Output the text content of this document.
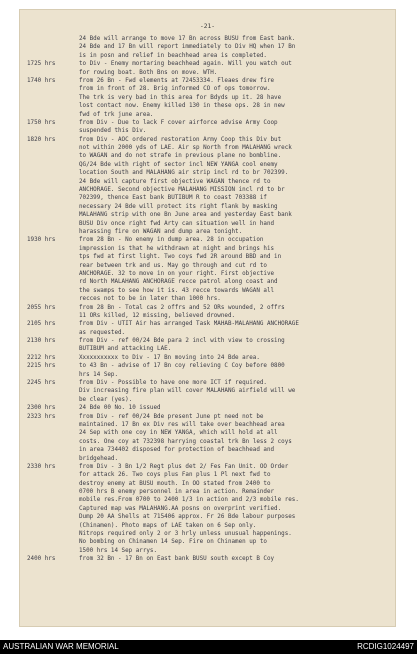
-21-
24 Bde will arrange to move 17 Bn across BUSU from East bank.
24 Bde and 17 Bn will report immediately to Div HQ when 17 Bn
is in posn and relief in beachhead area is completed.
1725 hrs	to Div - Enemy mortaring beachhead again. Will you watch out
for rowing boat. Both Bns on move. WTH.
1740 hrs	from 26 Bn - Fwd elements at 72453334. Fleaes drew fire
from in front of 28. Brig informed CO of ops tomorrow.
The trk is very bad in this area for Bdyds up it. 28 have
lost contact now. Enemy killed 130 in these ops. 28 in new
fwd of trk june area.
1750 hrs	from Div - Due to lack F cover airforce advise Army Coop
suspended this Div.
1820 hrs	from Div - AOC ordered restoration Army Coop this Div but
not within 2000 yds of LAE. Air sp North from MALAHANG wreck
to WAGAN and do not strafe in previous plane no bombline.
QG/24 Bde with right of sector incl NEW YANGA cool enemy
location South and MALAHANG air strip incl rd to br 702399.
24 Bde will capture first objective WAGAN thence rd to
ANCHORAGE. Second objective MALAHANG MISSION incl rd to br
702399, thence East bank BUTIBUM R to coast 703388 if
necessary 24 Bde will protect its right flank by masking
MALAHANG strip with one Bn June area and yesterday East bank
BUSU Div once right fwd Arty can situation well in hand
harassing fire on WAGAN and dump area tonight.
1930 hrs	from 28 Bn - No enemy in dump area. 28 in occupation
impression is that he withdrawn at night and brings his
tps fwd at first light. Two coys fwd 2R around BBD and in
rear between trk and us. May go through and cut rd to
ANCHORAGE. 32 to move in on your right. First objective
rd North MALAHANG ANCHORAGE recce patrol along coast and
the swamps to see how it is. 43 recce towards WAGAN all
recces not to be in later than 1000 hrs.
2055 hrs	from 28 Bn - Total cas 2 offrs and 52 ORs wounded, 2 offrs
11 ORs killed, 12 missing, believed drowned.
2105 hrs	from Div - UTIT Air has arranged Task MAHAB-MALAHANG ANCHORAGE
as requested.
2130 hrs	from Div - ref 00/24 Bde para 2 incl with view to crossing
BUTIBUM and attacking LAE.
2212 hrs	Xxxxxxxxxxx to Div - 17 Bn moving into 24 Bde area.
2215 hrs	to 43 Bn - advise of 17 Bn coy relieving C Coy before 0800
hrs 14 Sep.
2245 hrs	from Div - Possible to have one more ICT if required.
Div increasing fire plan will cover MALAHANG airfield will we
be clear (yes).
2300 hrs	24 Bde 00 No. 10 issued
2323 hrs	from Div - ref 00/24 Bde present June pt need not be
maintained. 17 Bn ex Div res will take over beachhead area
24 Sep with one coy in NEW YANGA, which will hold at all
costs. One coy at 732398 harrying coastal trk Bn less 2 coys
in area 734402 disposed for protection of beachhead and
bridgehead.
2330 hrs	from Div - 3 Bn 1/2 Regt plus det 2/ Fes Fan Unit. OO Order
for attack 26. Two coys plus Fan plus 1 Pl next fwd to
destroy enemy at BUSU mouth. In OO stated from 2400 to
0700 hrs B enemy personnel in area in action. Remainder
mobile res.From 0700 to 2400 1/3 in action and 2/3 mobile res.
Captured map was MALAHANG.AA posns on overprint verified.
Dump 20 AA Shells at 715406 approx. Fr 26 Bde labour purposes
(Chinamen). Photo maps of LAE taken on 6 Sep only.
Nitrops required only 2 or 3 hrly unless unusual happenings.
No bombing on Chinamen 14 Sep. Fire on Chinamen up to
1500 hrs 14 Sep arrys.
2400 hrs	from 32 Bn - 17 Bn on East bank BUSU south except B Coy
AUSTRALIAN WAR MEMORIAL	RCDIG1024497
